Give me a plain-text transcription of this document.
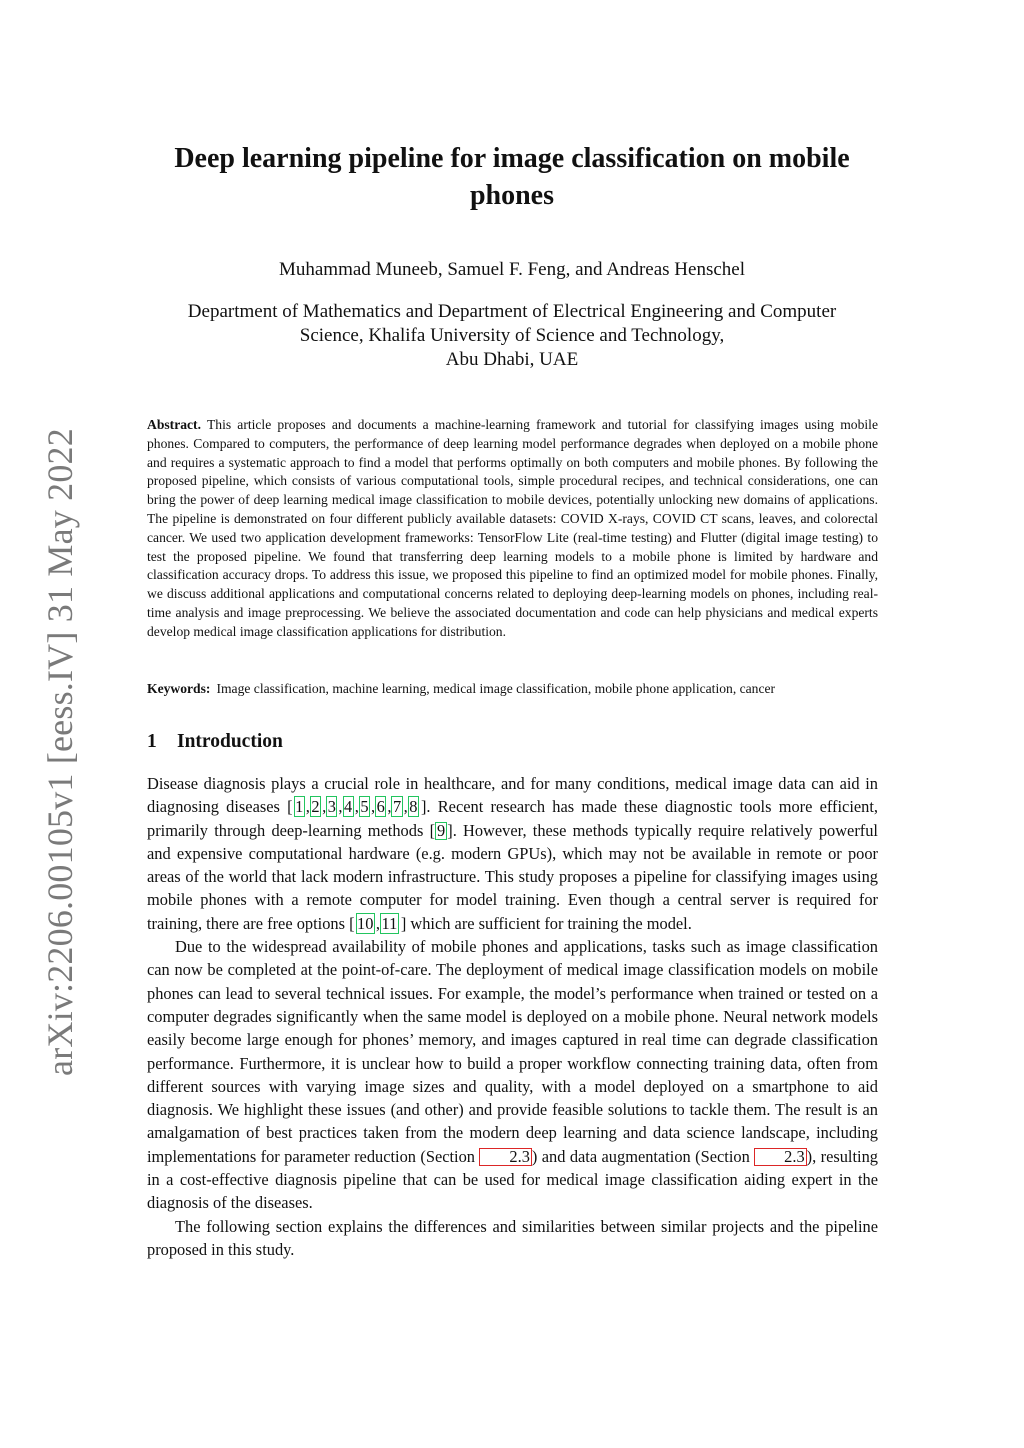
arXiv:2206.00105v1 [eess.IV] 31 May 2022
Deep learning pipeline for image classification on mobile phones
Muhammad Muneeb, Samuel F. Feng, and Andreas Henschel
Department of Mathematics and Department of Electrical Engineering and Computer
Science, Khalifa University of Science and Technology,
Abu Dhabi, UAE

Abstract. This article proposes and documents a machine-learning framework and tutorial for classifying images using mobile phones. Compared to computers, the performance of deep learning model performance degrades when deployed on a mobile phone and requires a systematic approach to find a model that performs optimally on both computers and mobile phones. By following the proposed pipeline, which consists of various computational tools, simple procedural recipes, and technical considerations, one can bring the power of deep learning medical image classification to mobile devices, potentially unlocking new domains of applications. The pipeline is demonstrated on four different publicly available datasets: COVID X-rays, COVID CT scans, leaves, and colorectal cancer. We used two application development frameworks: TensorFlow Lite (real-time testing) and Flutter (digital image testing) to test the proposed pipeline. We found that transferring deep learning models to a mobile phone is limited by hardware and classification accuracy drops. To address this issue, we proposed this pipeline to find an optimized model for mobile phones. Finally, we discuss additional applications and computational concerns related to deploying deep-learning models on phones, including real-time analysis and image preprocessing. We believe the associated documentation and code can help physicians and medical experts develop medical image classification applications for distribution.

Keywords: Image classification, machine learning, medical image classification, mobile phone application, cancer

1 Introduction

Disease diagnosis plays a crucial role in healthcare, and for many conditions, medical image data can aid in diagnosing diseases [ 1 ,2 ,3 ,4 ,5 ,6 ,7 ,8 ]. Recent research has made these diagnostic tools more efficient, primarily through deep-learning methods [ 9 ]. However, these methods typically require relatively powerful and expensive computational hardware (e.g. modern GPUs), which may not be available in remote or poor areas of the world that lack modern infrastructure. This study proposes a pipeline for classifying images using mobile phones with a remote computer for model training. Even though a central server is required for training, there are free options [ 10 ,11 ] which are sufficient for training the model.

Due to the widespread availability of mobile phones and applications, tasks such as image classification can now be completed at the point-of-care. The deployment of medical image classification models on mobile phones can lead to several technical issues. For example, the model’s performance when trained or tested on a computer degrades significantly when the same model is deployed on a mobile phone. Neural network models easily become large enough for phones’ memory, and images captured in real time can degrade classification performance. Furthermore, it is unclear how to build a proper workflow connecting training data, often from different sources with varying image sizes and quality, with a model deployed on a smartphone to aid diagnosis. We highlight these issues (and other) and provide feasible solutions to tackle them. The result is an amalgamation of best practices taken from the modern deep learning and data science landscape, including implementations for parameter reduction (Section 2.3 ) and data augmentation (Section 2.3 ), resulting in a cost-effective diagnosis pipeline that can be used for medical image classification aiding expert in the diagnosis of the diseases.

The following section explains the differences and similarities between similar projects and the pipeline proposed in this study.
